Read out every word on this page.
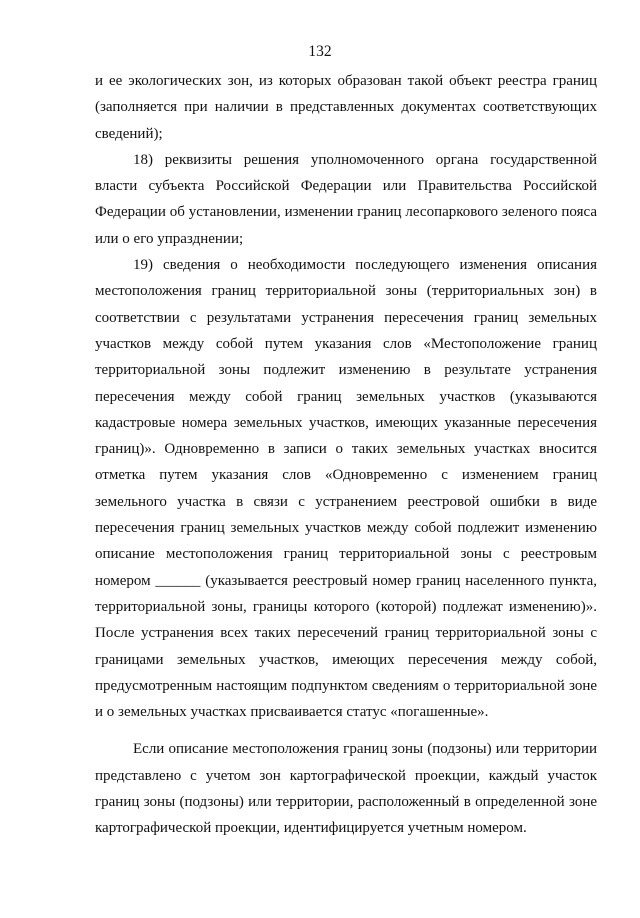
132

и ее экологических зон, из которых образован такой объект реестра границ (заполняется при наличии в представленных документах соответствующих сведений);

18) реквизиты решения уполномоченного органа государственной власти субъекта Российской Федерации или Правительства Российской Федерации об установлении, изменении границ лесопаркового зеленого пояса или о его упразднении;

19) сведения о необходимости последующего изменения описания местоположения границ территориальной зоны (территориальных зон) в соответствии с результатами устранения пересечения границ земельных участков между собой путем указания слов «Местоположение границ территориальной зоны подлежит изменению в результате устранения пересечения между собой границ земельных участков (указываются кадастровые номера земельных участков, имеющих указанные пересечения границ)». Одновременно в записи о таких земельных участках вносится отметка путем указания слов «Одновременно с изменением границ земельного участка в связи с устранением реестровой ошибки в виде пересечения границ земельных участков между собой подлежит изменению описание местоположения границ территориальной зоны с реестровым номером ______ (указывается реестровый номер границ населенного пункта, территориальной зоны, границы которого (которой) подлежат изменению)». После устранения всех таких пересечений границ территориальной зоны с границами земельных участков, имеющих пересечения между собой, предусмотренным настоящим подпунктом сведениям о территориальной зоне и о земельных участках присваивается статус «погашенные».

Если описание местоположения границ зоны (подзоны) или территории представлено с учетом зон картографической проекции, каждый участок границ зоны (подзоны) или территории, расположенный в определенной зоне картографической проекции, идентифицируется учетным номером.
